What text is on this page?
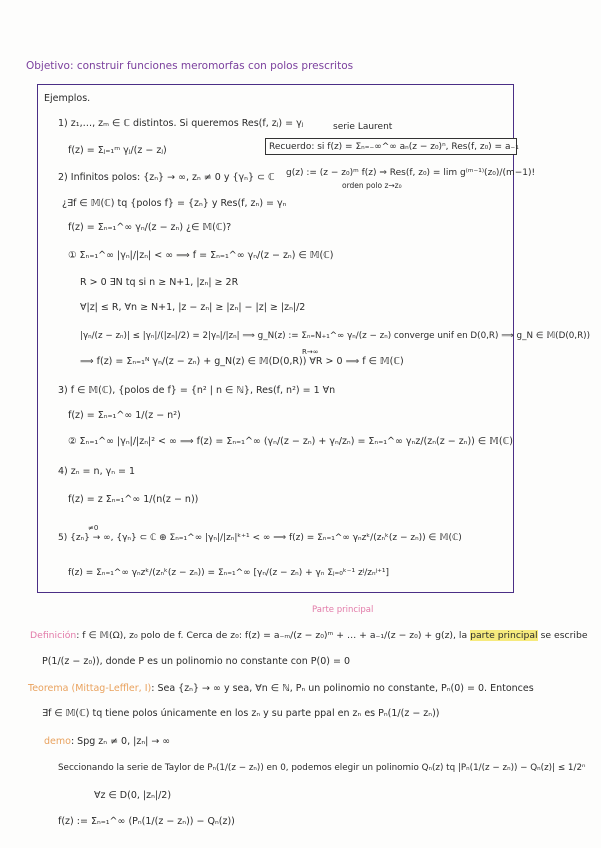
Objetivo: construir funciones meromorfas con polos prescritos
Ejemplos.
1) z₁,…, zₘ ∈ ℂ distintos. Si queremos Res(f, zⱼ) = γⱼ	serie Laurent
f(z) = Σⱼ₌₁ᵐ γⱼ/(z − zⱼ)	Recuerdo: si f(z) = Σₙ₌₋∞^∞ aₙ(z − z₀)ⁿ, Res(f, z₀) = a₋₁
2) Infinitos polos: {zₙ} → ∞, zₙ ≠ 0 y {γₙ} ⊂ ℂ g(z) := (z − z₀)ᵐ f(z) ⇒ Res(f, z₀) = lim g⁽ᵐ⁻¹⁾(z₀)/(m−1)!
orden polo z→z₀
¿∃f ∈ 𝕄(ℂ) tq {polos f} = {zₙ} y Res(f, zₙ) = γₙ
f(z) = Σₙ₌₁^∞ γₙ/(z − zₙ) ¿∈ 𝕄(ℂ)?
① Σₙ₌₁^∞ |γₙ|/|zₙ| < ∞ ⟹ f = Σₙ₌₁^∞ γₙ/(z − zₙ) ∈ 𝕄(ℂ)
R > 0 ∃N tq si n ≥ N+1, |zₙ| ≥ 2R
∀|z| ≤ R, ∀n ≥ N+1, |z − zₙ| ≥ |zₙ| − |z| ≥ |zₙ|/2
|γₙ/(z − zₙ)| ≤ |γₙ|/(|zₙ|/2) = 2|γₙ|/|zₙ| ⟹ g_N(z) := Σₙ₌N₊₁^∞ γₙ/(z − zₙ) converge unif en D(0,R) ⟹ g_N ∈ 𝕄(D(0,R))
R→∞
⟹ f(z) = Σₙ₌₁ᴺ γₙ/(z − zₙ) + g_N(z) ∈ 𝕄(D(0,R)) ∀R > 0 ⟹ f ∈ 𝕄(ℂ)
3) f ∈ 𝕄(ℂ), {polos de f} = {n² | n ∈ ℕ}, Res(f, n²) = 1 ∀n
f(z) = Σₙ₌₁^∞ 1/(z − n²)
② Σₙ₌₁^∞ |γₙ|/|zₙ|² < ∞ ⟹ f(z) = Σₙ₌₁^∞ (γₙ/(z − zₙ) + γₙ/zₙ) = Σₙ₌₁^∞ γₙz/(zₙ(z − zₙ)) ∈ 𝕄(ℂ)
4) zₙ = n, γₙ = 1
f(z) = z Σₙ₌₁^∞ 1/(n(z − n))
≠0
5) {zₙ} → ∞, {γₙ} ⊂ ℂ ⊕ Σₙ₌₁^∞ |γₙ|/|zₙ|ᵏ⁺¹ < ∞ ⟹ f(z) = Σₙ₌₁^∞ γₙzᵏ/(zₙᵏ(z − zₙ)) ∈ 𝕄(ℂ)
f(z) = Σₙ₌₁^∞ γₙzᵏ/(zₙᵏ(z − zₙ)) = Σₙ₌₁^∞ [γₙ/(z − zₙ) + γₙ Σⱼ₌₀ᵏ⁻¹ zʲ/zₙʲ⁺¹]
Parte principal
Definición: f ∈ 𝕄(Ω), z₀ polo de f. Cerca de z₀: f(z) = a₋ₘ/(z − z₀)ᵐ + … + a₋₁/(z − z₀) + g(z), la parte principal se escribe
P(1/(z − z₀)), donde P es un polinomio no constante con P(0) = 0
Teorema (Mittag-Leffler, I): Sea {zₙ} → ∞ y sea, ∀n ∈ ℕ, Pₙ un polinomio no constante, Pₙ(0) = 0. Entonces
∃f ∈ 𝕄(ℂ) tq tiene polos únicamente en los zₙ y su parte ppal en zₙ es Pₙ(1/(z − zₙ))
demo: Spg zₙ ≠ 0, |zₙ| → ∞
Seccionando la serie de Taylor de Pₙ(1/(z − zₙ)) en 0, podemos elegir un polinomio Qₙ(z) tq |Pₙ(1/(z − zₙ)) − Qₙ(z)| ≤ 1/2ⁿ
∀z ∈ D(0, |zₙ|/2)
f(z) := Σₙ₌₁^∞ (Pₙ(1/(z − zₙ)) − Qₙ(z))
